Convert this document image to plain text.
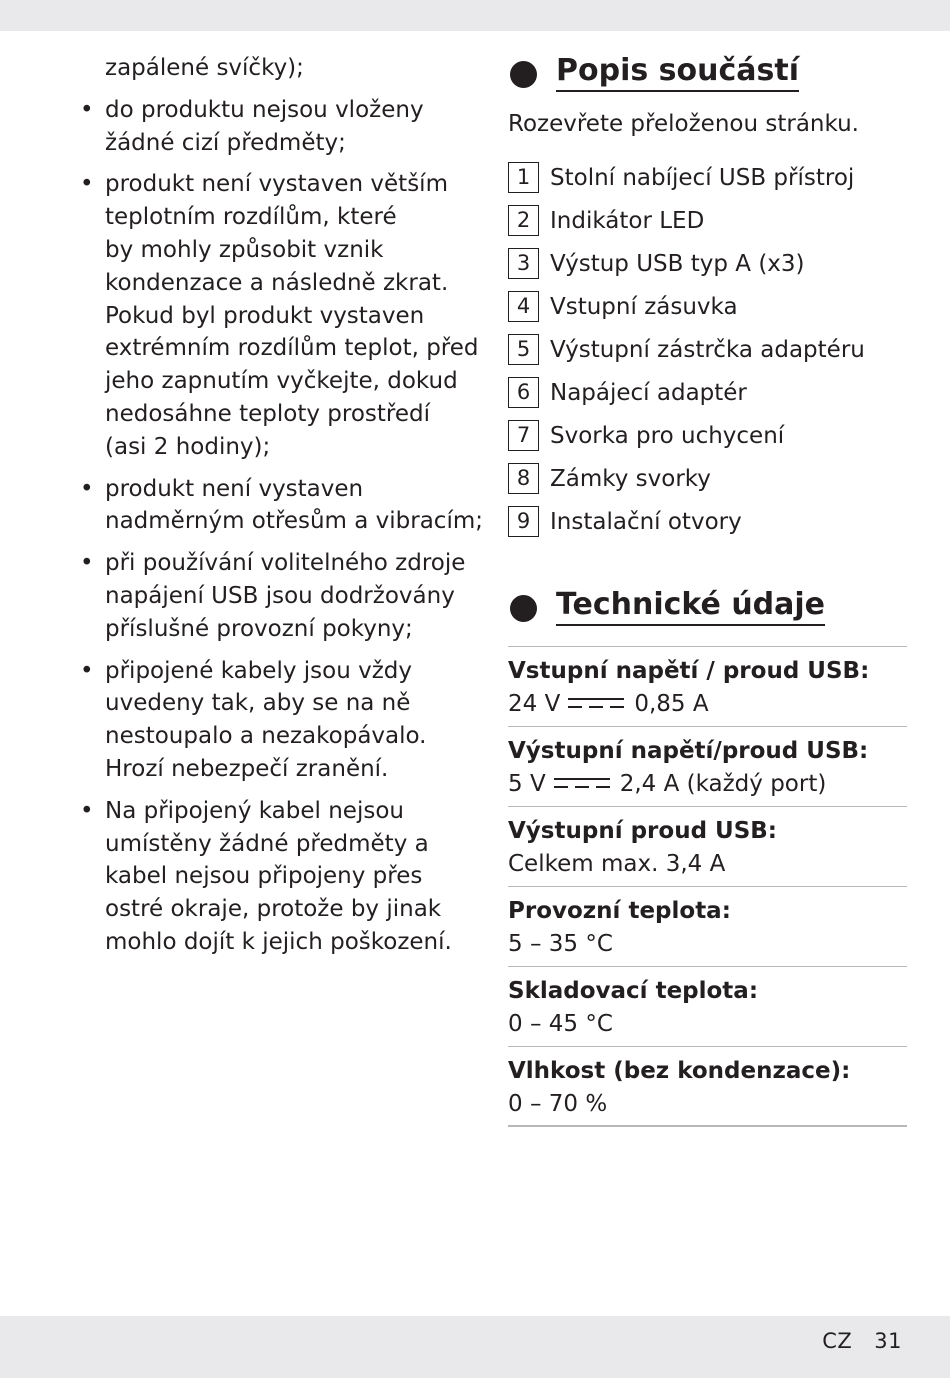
zapálené svíčky);
• do produktu nejsou vloženy
žádné cizí předměty;
• produkt není vystaven větším
teplotním rozdílům, které
by mohly způsobit vznik
kondenzace a následně zkrat.
Pokud byl produkt vystaven
extrémním rozdílům teplot, před
jeho zapnutím vyčkejte, dokud
nedosáhne teploty prostředí
(asi 2 hodiny);
• produkt není vystaven
nadměrným otřesům a vibracím;
• při používání volitelného zdroje
napájení USB jsou dodržovány
příslušné provozní pokyny;
• připojené kabely jsou vždy
uvedeny tak, aby se na ně
nestoupalo a nezakopávalo.
Hrozí nebezpečí zranění.
• Na připojený kabel nejsou
umístěny žádné předměty a
kabel nejsou připojeny přes
ostré okraje, protože by jinak
mohlo dojít k jejich poškození.
Popis součástí
Rozevřete přeloženou stránku.
1 Stolní nabíjecí USB přístroj
2 Indikátor LED
3 Výstup USB typ A (x3)
4 Vstupní zásuvka
5 Výstupní zástrčka adaptéru
6 Napájecí adaptér
7 Svorka pro uchycení
8 Zámky svorky
9 Instalační otvory
Technické údaje
Vstupní napětí / proud USB:
24 V	0,85 A
Výstupní napětí/proud USB:
5 V	2,4 A (každý port)
Výstupní proud USB:
Celkem max. 3,4 A
Provozní teplota:
5 – 35 °C
Skladovací teplota:
0 – 45 °C
Vlhkost (bez kondenzace):
0 – 70 %
CZ 31
